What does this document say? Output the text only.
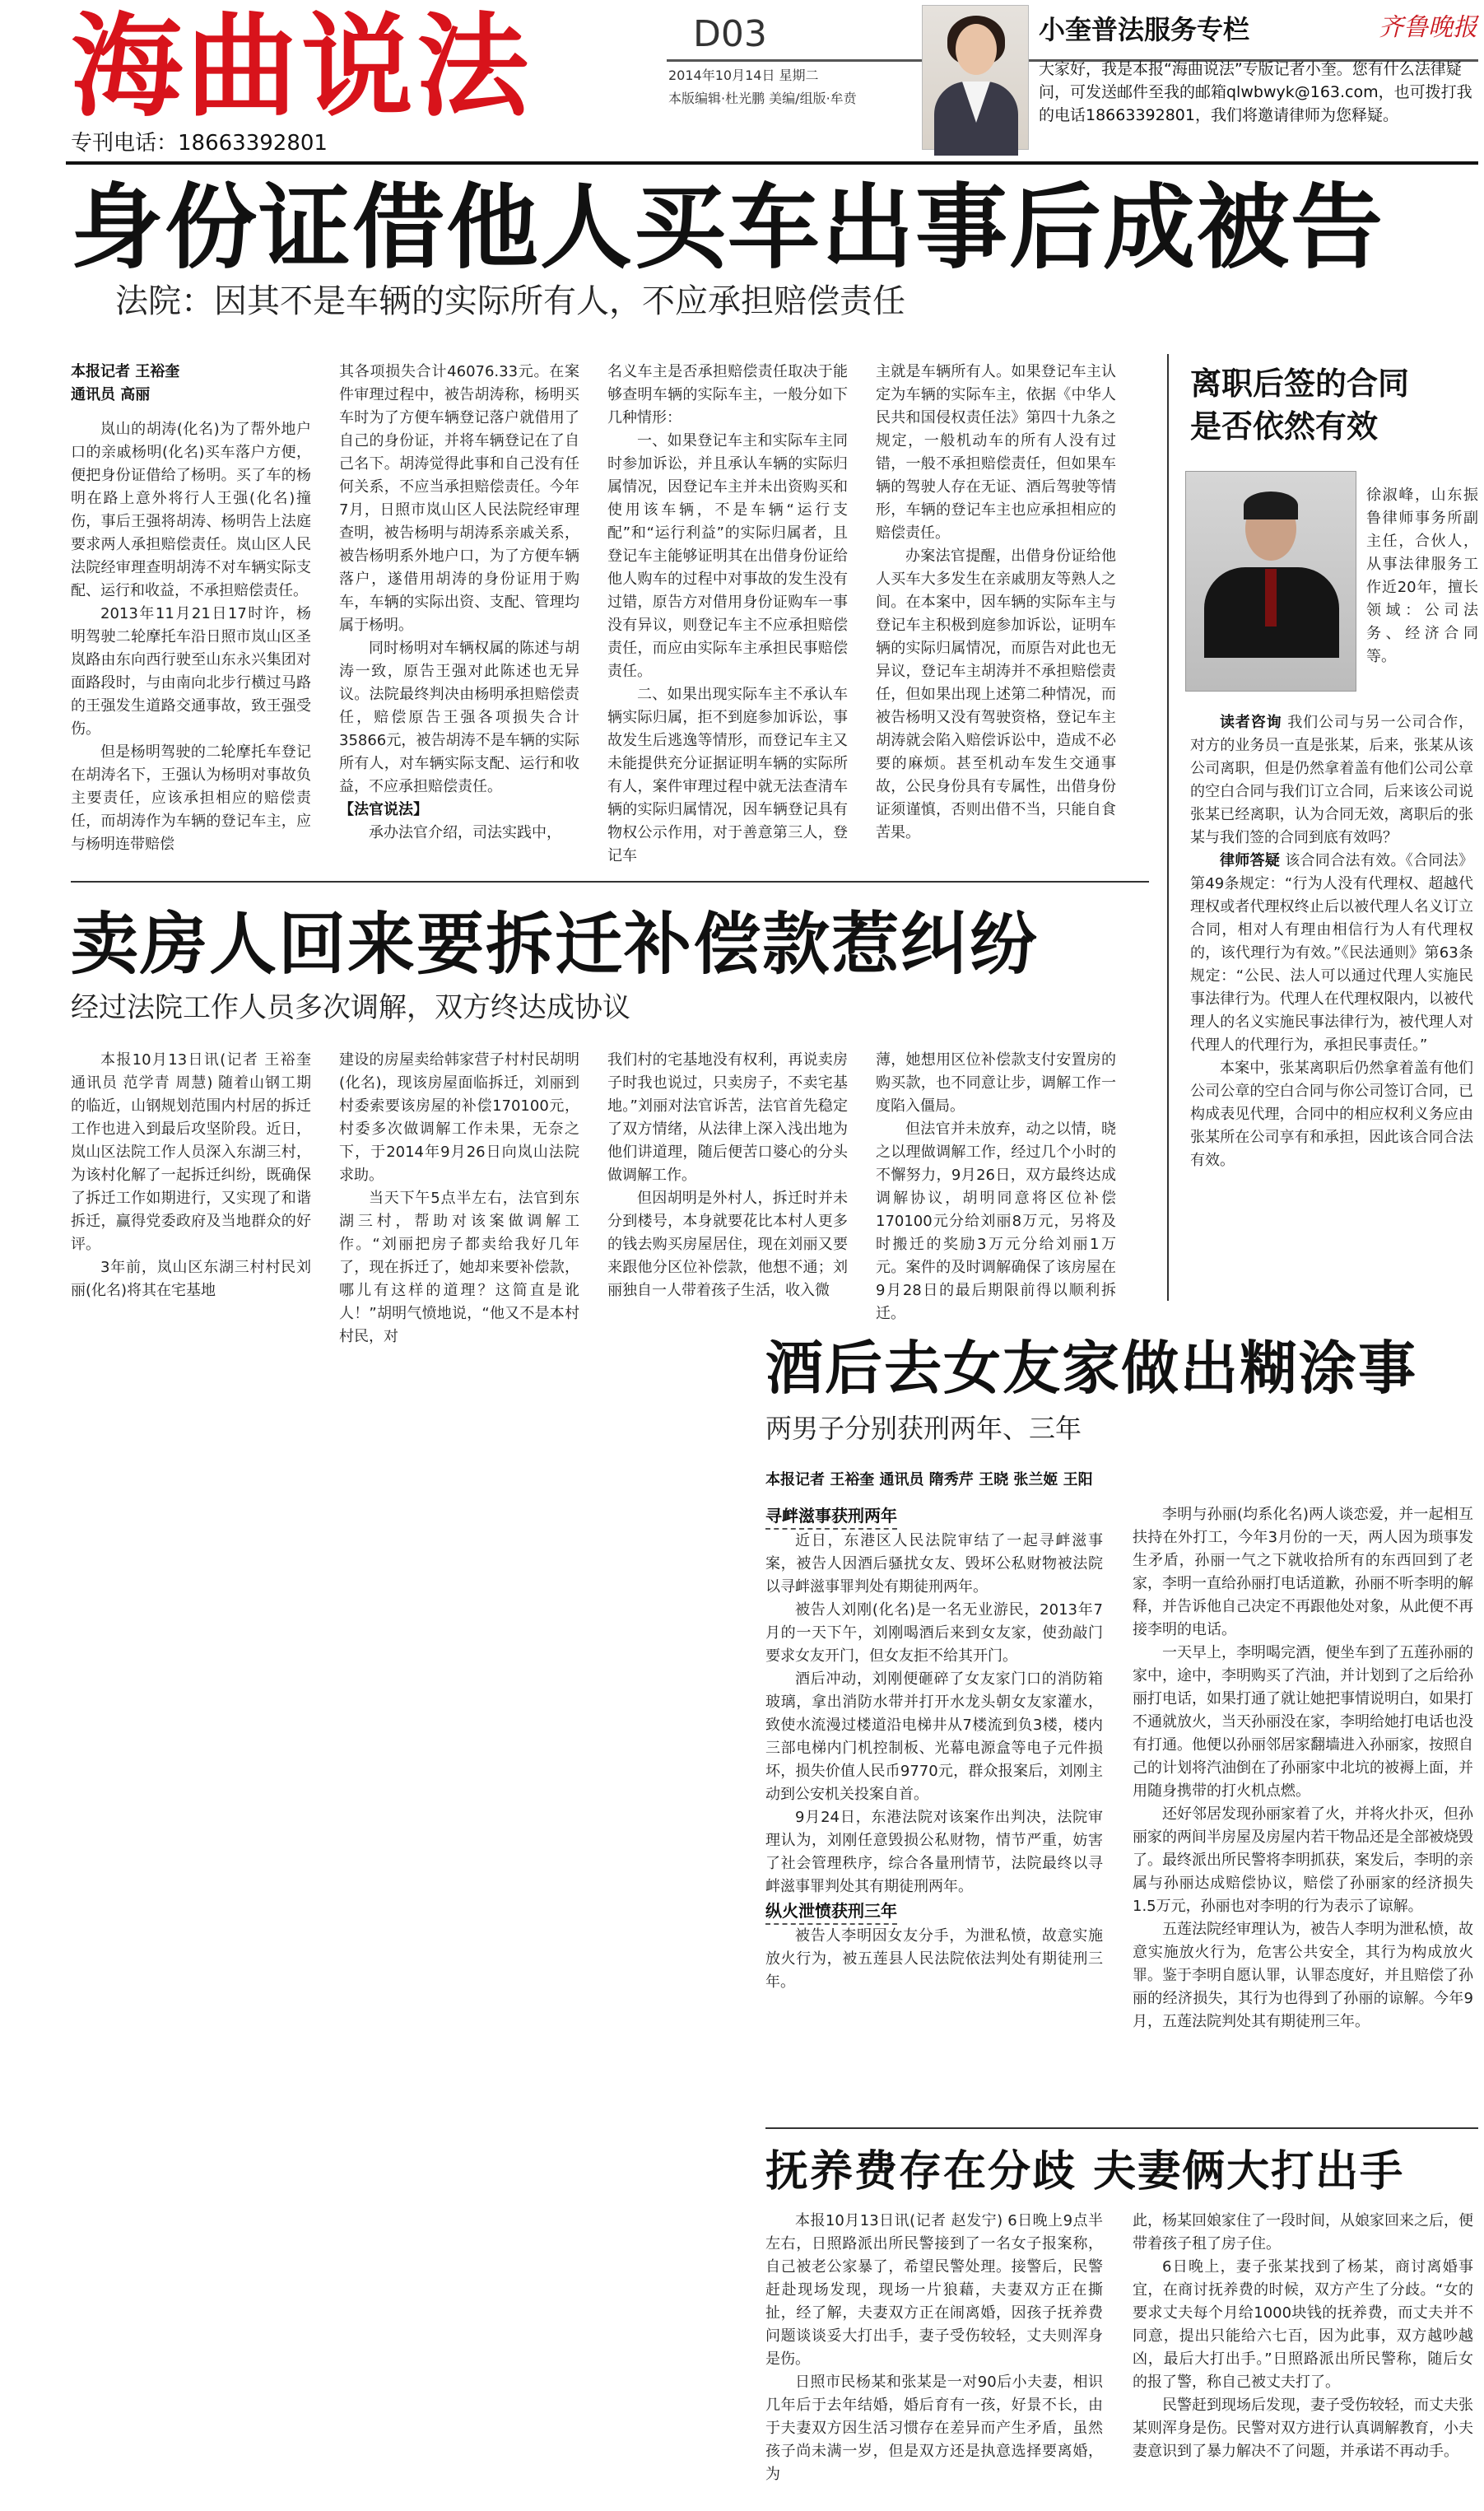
海曲说法
专刊电话：18663392801
D03
2014年10月14日 星期二
本版编辑·杜光鹏 美编/组版·牟贲
小奎普法服务专栏	齐鲁晚报
大家好，我是本报“海曲说法”专版记者小奎。您有什么法律疑问，可发送邮件至我的邮箱qlwbwyk@163.com，也可拨打我的电话18663392801，我们将邀请律师为您释疑。
身份证借他人买车出事后成被告
法院：因其不是车辆的实际所有人，不应承担赔偿责任
本报记者 王裕奎
通讯员 高丽

岚山的胡涛(化名)为了帮外地户口的亲戚杨明(化名)买车落户方便，便把身份证借给了杨明。买了车的杨明在路上意外将行人王强(化名)撞伤，事后王强将胡涛、杨明告上法庭要求两人承担赔偿责任。岚山区人民法院经审理查明胡涛不对车辆实际支配、运行和收益，不承担赔偿责任。

2013年11月21日17时许，杨明驾驶二轮摩托车沿日照市岚山区圣岚路由东向西行驶至山东永兴集团对面路段时，与由南向北步行横过马路的王强发生道路交通事故，致王强受伤。

但是杨明驾驶的二轮摩托车登记在胡涛名下，王强认为杨明对事故负主要责任，应该承担相应的赔偿责任，而胡涛作为车辆的登记车主，应与杨明连带赔偿

其各项损失合计46076.33元。在案件审理过程中，被告胡涛称，杨明买车时为了方便车辆登记落户就借用了自己的身份证，并将车辆登记在了自己名下。胡涛觉得此事和自己没有任何关系，不应当承担赔偿责任。今年7月，日照市岚山区人民法院经审理查明，被告杨明与胡涛系亲戚关系，被告杨明系外地户口，为了方便车辆落户，遂借用胡涛的身份证用于购车，车辆的实际出资、支配、管理均属于杨明。

同时杨明对车辆权属的陈述与胡涛一致，原告王强对此陈述也无异议。法院最终判决由杨明承担赔偿责任，赔偿原告王强各项损失合计35866元，被告胡涛不是车辆的实际所有人，对车辆实际支配、运行和收益，不应承担赔偿责任。

【法官说法】

承办法官介绍，司法实践中，

名义车主是否承担赔偿责任取决于能够查明车辆的实际车主，一般分如下几种情形：

一、如果登记车主和实际车主同时参加诉讼，并且承认车辆的实际归属情况，因登记车主并未出资购买和使用该车辆，不是车辆“运行支配”和“运行利益”的实际归属者，且登记车主能够证明其在出借身份证给他人购车的过程中对事故的发生没有过错，原告方对借用身份证购车一事没有异议，则登记车主不应承担赔偿责任，而应由实际车主承担民事赔偿责任。

二、如果出现实际车主不承认车辆实际归属，拒不到庭参加诉讼，事故发生后逃逸等情形，而登记车主又未能提供充分证据证明车辆的实际所有人，案件审理过程中就无法查清车辆的实际归属情况，因车辆登记具有物权公示作用，对于善意第三人，登记车

主就是车辆所有人。如果登记车主认定为车辆的实际车主，依据《中华人民共和国侵权责任法》第四十九条之规定，一般机动车的所有人没有过错，一般不承担赔偿责任，但如果车辆的驾驶人存在无证、酒后驾驶等情形，车辆的登记车主也应承担相应的赔偿责任。

办案法官提醒，出借身份证给他人买车大多发生在亲戚朋友等熟人之间。在本案中，因车辆的实际车主与登记车主积极到庭参加诉讼，证明车辆的实际归属情况，而原告对此也无异议，登记车主胡涛并不承担赔偿责任，但如果出现上述第二种情况，而被告杨明又没有驾驶资格，登记车主胡涛就会陷入赔偿诉讼中，造成不必要的麻烦。甚至机动车发生交通事故，公民身份具有专属性，出借身份证须谨慎，否则出借不当，只能自食苦果。

离职后签的合同
是否依然有效
徐淑峰，山东振鲁律师事务所副主任，合伙人，从事法律服务工作近20年，擅长领域：公司法务、经济合同等。

读者咨询 我们公司与另一公司合作，对方的业务员一直是张某，后来，张某从该公司离职，但是仍然拿着盖有他们公司公章的空白合同与我们订立合同，后来该公司说张某已经离职，认为合同无效，离职后的张某与我们签的合同到底有效吗？

律师答疑 该合同合法有效。《合同法》第49条规定：“行为人没有代理权、超越代理权或者代理权终止后以被代理人名义订立合同，相对人有理由相信行为人有代理权的，该代理行为有效。”《民法通则》第63条规定：“公民、法人可以通过代理人实施民事法律行为。代理人在代理权限内，以被代理人的名义实施民事法律行为，被代理人对代理人的代理行为，承担民事责任。”

本案中，张某离职后仍然拿着盖有他们公司公章的空白合同与你公司签订合同，已构成表见代理，合同中的相应权利义务应由张某所在公司享有和承担，因此该合同合法有效。

卖房人回来要拆迁补偿款惹纠纷
经过法院工作人员多次调解，双方终达成协议

本报10月13日讯(记者 王裕奎 通讯员 范学青 周慧) 随着山钢工期的临近，山钢规划范围内村居的拆迁工作也进入到最后攻坚阶段。近日，岚山区法院工作人员深入东湖三村，为该村化解了一起拆迁纠纷，既确保了拆迁工作如期进行，又实现了和谐拆迁，赢得党委政府及当地群众的好评。

3年前，岚山区东湖三村村民刘丽(化名)将其在宅基地

建设的房屋卖给韩家营子村村民胡明(化名)，现该房屋面临拆迁，刘丽到村委索要该房屋的补偿170100元，村委多次做调解工作未果，无奈之下，于2014年9月26日向岚山法院求助。

当天下午5点半左右，法官到东湖三村，帮助对该案做调解工作。“刘丽把房子都卖给我好几年了，现在拆迁了，她却来要补偿款，哪儿有这样的道理？这简直是讹人！”胡明气愤地说，“他又不是本村村民，对

我们村的宅基地没有权利，再说卖房子时我也说过，只卖房子，不卖宅基地。”刘丽对法官诉苦，法官首先稳定了双方情绪，从法律上深入浅出地为他们讲道理，随后便苦口婆心的分头做调解工作。

但因胡明是外村人，拆迁时并未分到楼号，本身就要花比本村人更多的钱去购买房屋居住，现在刘丽又要来跟他分区位补偿款，他想不通；刘丽独自一人带着孩子生活，收入微

薄，她想用区位补偿款支付安置房的购买款，也不同意让步，调解工作一度陷入僵局。

但法官并未放弃，动之以情，晓之以理做调解工作，经过几个小时的不懈努力，9月26日，双方最终达成调解协议，胡明同意将区位补偿170100元分给刘丽8万元，另将及时搬迁的奖励3万元分给刘丽1万元。案件的及时调解确保了该房屋在9月28日的最后期限前得以顺利拆迁。

酒后去女友家做出糊涂事
两男子分别获刑两年、三年
本报记者 王裕奎 通讯员 隋秀芹 王晓 张兰姬 王阳
寻衅滋事获刑两年

近日，东港区人民法院审结了一起寻衅滋事案，被告人因酒后骚扰女友、毁坏公私财物被法院以寻衅滋事罪判处有期徒刑两年。

被告人刘刚(化名)是一名无业游民，2013年7月的一天下午，刘刚喝酒后来到女友家，使劲敲门要求女友开门，但女友拒不给其开门。

酒后冲动，刘刚便砸碎了女友家门口的消防箱玻璃，拿出消防水带并打开水龙头朝女友家灌水，致使水流漫过楼道沿电梯井从7楼流到负3楼，楼内三部电梯内门机控制板、光幕电源盒等电子元件损坏，损失价值人民币9770元，群众报案后，刘刚主动到公安机关投案自首。

9月24日，东港法院对该案作出判决，法院审理认为，刘刚任意毁损公私财物，情节严重，妨害了社会管理秩序，综合各量刑情节，法院最终以寻衅滋事罪判处其有期徒刑两年。

纵火泄愤获刑三年

被告人李明因女友分手，为泄私愤，故意实施放火行为，被五莲县人民法院依法判处有期徒刑三年。

李明与孙丽(均系化名)两人谈恋爱，并一起相互扶持在外打工，今年3月份的一天，两人因为琐事发生矛盾，孙丽一气之下就收拾所有的东西回到了老家，李明一直给孙丽打电话道歉，孙丽不听李明的解释，并告诉他自己决定不再跟他处对象，从此便不再接李明的电话。

一天早上，李明喝完酒，便坐车到了五莲孙丽的家中，途中，李明购买了汽油，并计划到了之后给孙丽打电话，如果打通了就让她把事情说明白，如果打不通就放火，当天孙丽没在家，李明给她打电话也没有打通。他便以孙丽邻居家翻墙进入孙丽家，按照自己的计划将汽油倒在了孙丽家中北坑的被褥上面，并用随身携带的打火机点燃。

还好邻居发现孙丽家着了火，并将火扑灭，但孙丽家的两间半房屋及房屋内若干物品还是全部被烧毁了。最终派出所民警将李明抓获，案发后，李明的亲属与孙丽达成赔偿协议，赔偿了孙丽家的经济损失1.5万元，孙丽也对李明的行为表示了谅解。

五莲法院经审理认为，被告人李明为泄私愤，故意实施放火行为，危害公共安全，其行为构成放火罪。鉴于李明自愿认罪，认罪态度好，并且赔偿了孙丽的经济损失，其行为也得到了孙丽的谅解。今年9月，五莲法院判处其有期徒刑三年。

抚养费存在分歧 夫妻俩大打出手

本报10月13日讯(记者 赵发宁) 6日晚上9点半左右，日照路派出所民警接到了一名女子报案称，自己被老公家暴了，希望民警处理。接警后，民警赶赴现场发现，现场一片狼藉，夫妻双方正在撕扯，经了解，夫妻双方正在闹离婚，因孩子抚养费问题谈谈妥大打出手，妻子受伤较轻，丈夫则浑身是伤。

日照市民杨某和张某是一对90后小夫妻，相识几年后于去年结婚，婚后育有一孩，好景不长，由于夫妻双方因生活习惯存在差异而产生矛盾，虽然孩子尚未满一岁，但是双方还是执意选择要离婚，为

此，杨某回娘家住了一段时间，从娘家回来之后，便带着孩子租了房子住。

6日晚上，妻子张某找到了杨某，商讨离婚事宜，在商讨抚养费的时候，双方产生了分歧。“女的要求丈夫每个月给1000块钱的抚养费，而丈夫并不同意，提出只能给六七百，因为此事，双方越吵越凶，最后大打出手。”日照路派出所民警称，随后女的报了警，称自己被丈夫打了。

民警赶到现场后发现，妻子受伤较轻，而丈夫张某则浑身是伤。民警对双方进行认真调解教育，小夫妻意识到了暴力解决不了问题，并承诺不再动手。
